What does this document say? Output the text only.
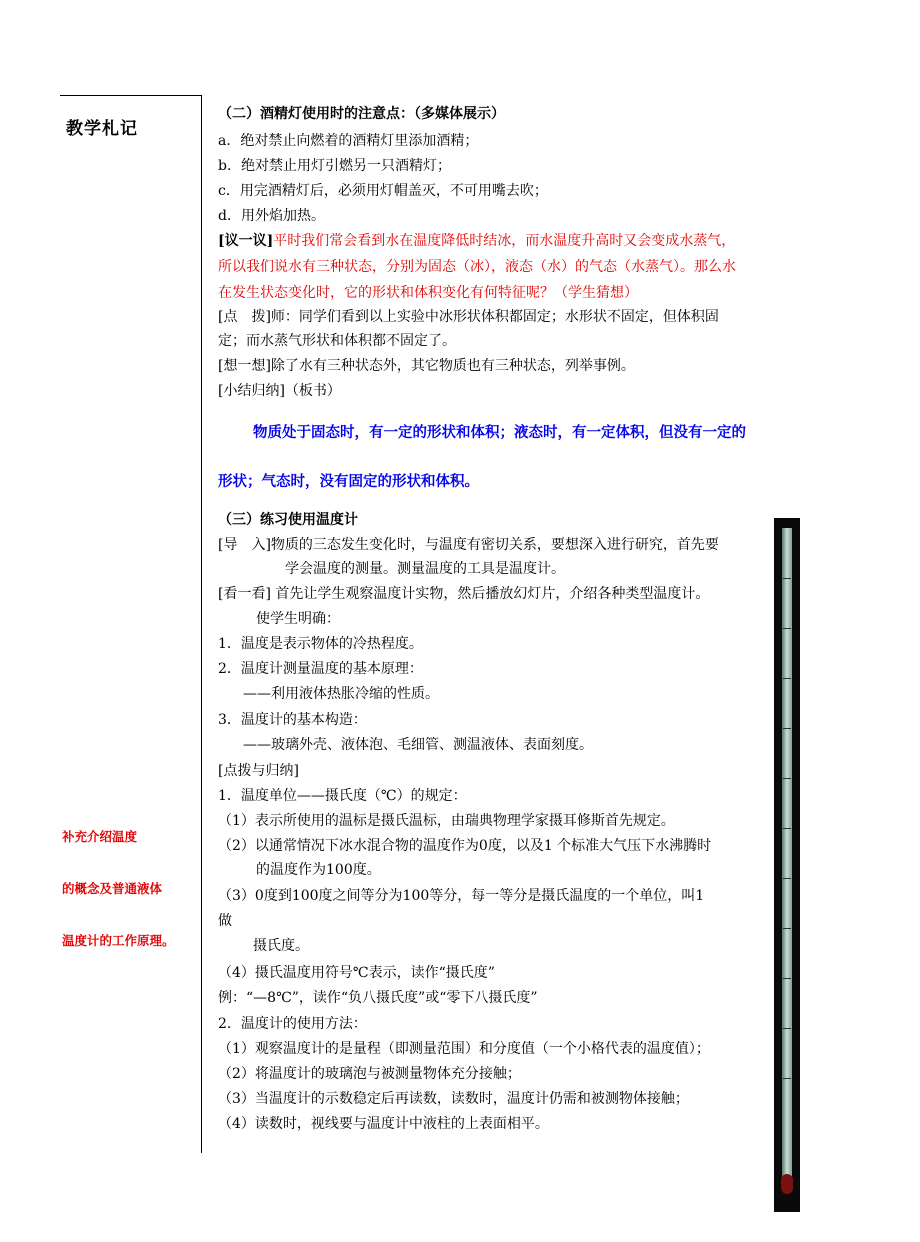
教学札记
补充介绍温度
的概念及普通液体
温度计的工作原理。
（二）酒精灯使用时的注意点：（多媒体展示）
a．绝对禁止向燃着的酒精灯里添加酒精；
b．绝对禁止用灯引燃另一只酒精灯；
c．用完酒精灯后，必须用灯帽盖灭，不可用嘴去吹；
d．用外焰加热。
[议一议]平时我们常会看到水在温度降低时结冰，而水温度升高时又会变成水蒸气，
所以我们说水有三种状态，分别为固态（冰），液态（水）的气态（水蒸气）。那么水
在发生状态变化时，它的形状和体积变化有何特征呢？（学生猜想）
[点　拨]师：同学们看到以上实验中冰形状体积都固定；水形状不固定，但体积固
定；而水蒸气形状和体积都不固定了。
[想一想]除了水有三种状态外，其它物质也有三种状态，列举事例。
[小结归纳]（板书）
物质处于固态时，有一定的形状和体积；液态时，有一定体积，但没有一定的
形状；气态时，没有固定的形状和体积。
（三）练习使用温度计
[导　入]物质的三态发生变化时，与温度有密切关系，要想深入进行研究，首先要
学会温度的测量。测量温度的工具是温度计。
[看一看] 首先让学生观察温度计实物，然后播放幻灯片，介绍各种类型温度计。
使学生明确：
1．温度是表示物体的冷热程度。
2．温度计测量温度的基本原理：
——利用液体热胀冷缩的性质。
3．温度计的基本构造：
——玻璃外壳、液体泡、毛细管、测温液体、表面刻度。
[点拨与归纳]
1．温度单位——摄氏度（℃）的规定：
（1）表示所使用的温标是摄氏温标，由瑞典物理学家摄耳修斯首先规定。
（2）以通常情况下冰水混合物的温度作为0度，以及1 个标准大气压下水沸腾时
的温度作为100度。
（3）0度到100度之间等分为100等分，每一等分是摄氏温度的一个单位，叫1
做
摄氏度。
（4）摄氏温度用符号℃表示，读作“摄氏度”
例：“—8℃”，读作“负八摄氏度”或“零下八摄氏度”
2．温度计的使用方法：
（1）观察温度计的是量程（即测量范围）和分度值（一个小格代表的温度值）；
（2）将温度计的玻璃泡与被测量物体充分接触；
（3）当温度计的示数稳定后再读数，读数时，温度计仍需和被测物体接触；
（4）读数时，视线要与温度计中液柱的上表面相平。
